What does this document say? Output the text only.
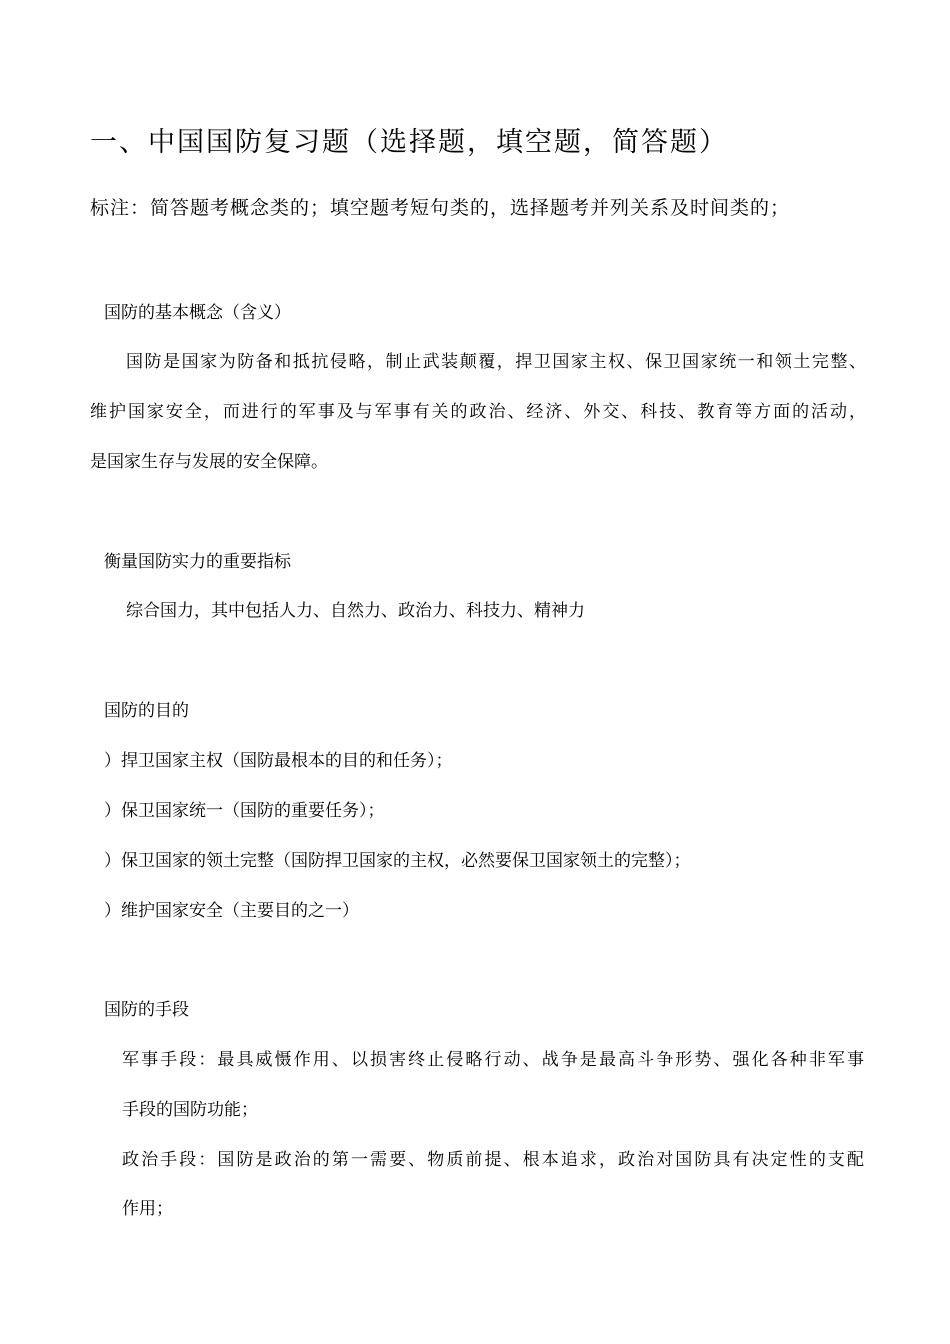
一、中国国防复习题（选择题，填空题，简答题）
标注：简答题考概念类的；填空题考短句类的，选择题考并列关系及时间类的；
国防的基本概念（含义）
国防是国家为防备和抵抗侵略，制止武装颠覆，捍卫国家主权、保卫国家统一和领土完整、
维护国家安全，而进行的军事及与军事有关的政治、经济、外交、科技、教育等方面的活动，
是国家生存与发展的安全保障。
衡量国防实力的重要指标
综合国力，其中包括人力、自然力、政治力、科技力、精神力
国防的目的
）捍卫国家主权（国防最根本的目的和任务）；
）保卫国家统一（国防的重要任务）；
）保卫国家的领土完整（国防捍卫国家的主权，必然要保卫国家领土的完整）；
）维护国家安全（主要目的之一）
国防的手段
军事手段：最具威慑作用、以损害终止侵略行动、战争是最高斗争形势、强化各种非军事
手段的国防功能；
政治手段：国防是政治的第一需要、物质前提、根本追求，政治对国防具有决定性的支配
作用；
